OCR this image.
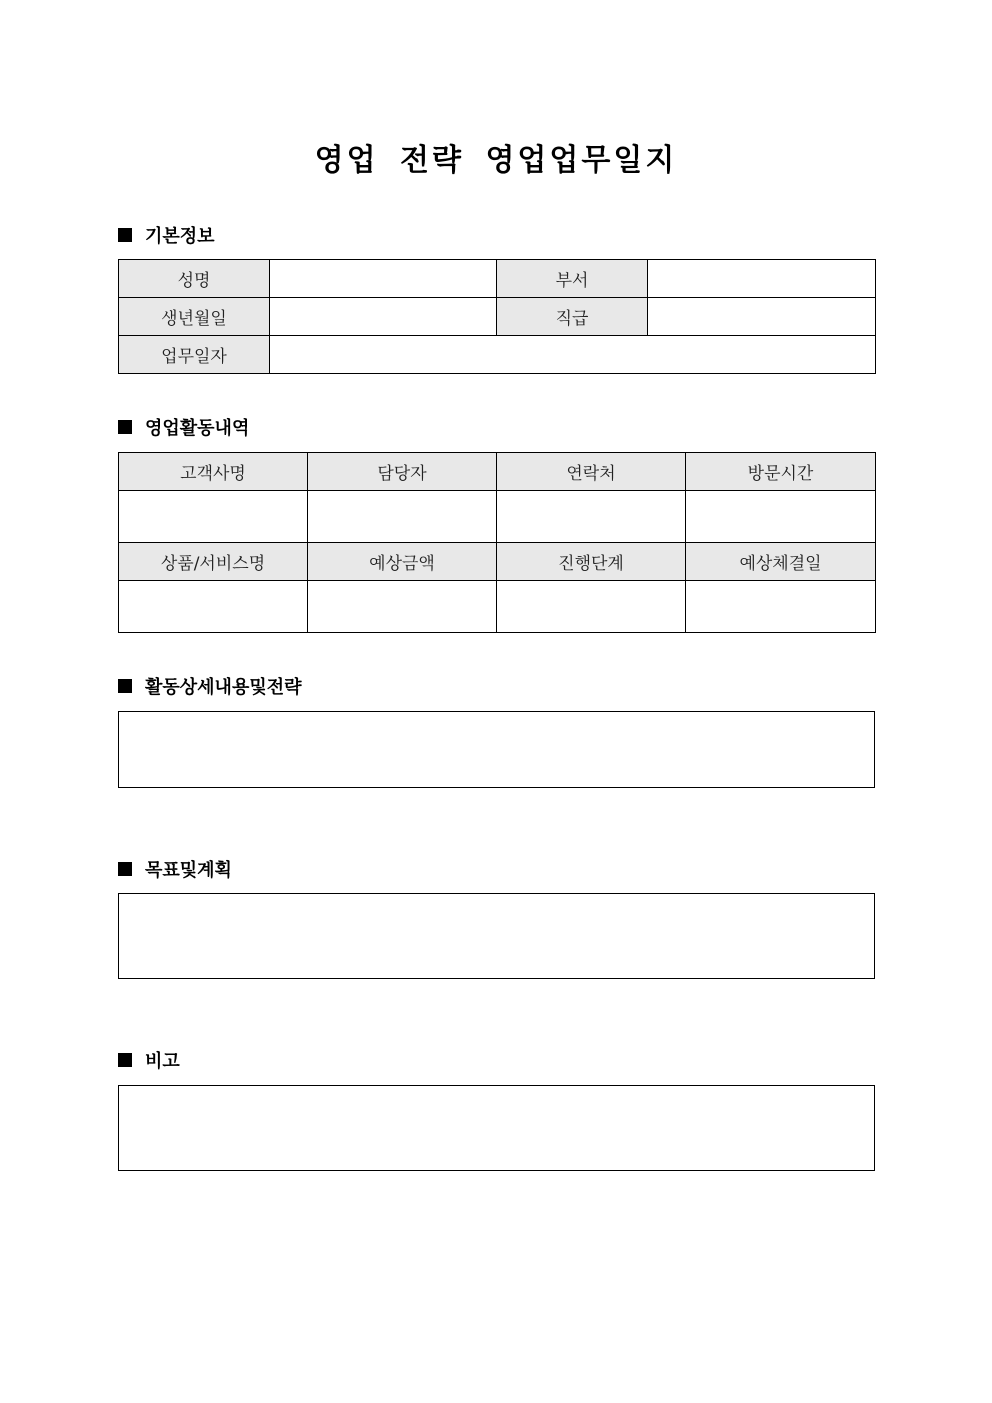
영업 전략 영업업무일지
기본정보
성명		부서	
생년월일		직급	
업무일자			
영업활동내역
고객사명	담당자	연락처	방문시간

상품/서비스명	예상금액	진행단계	예상체결일

활동상세내용및전략
목표및계획
비고
